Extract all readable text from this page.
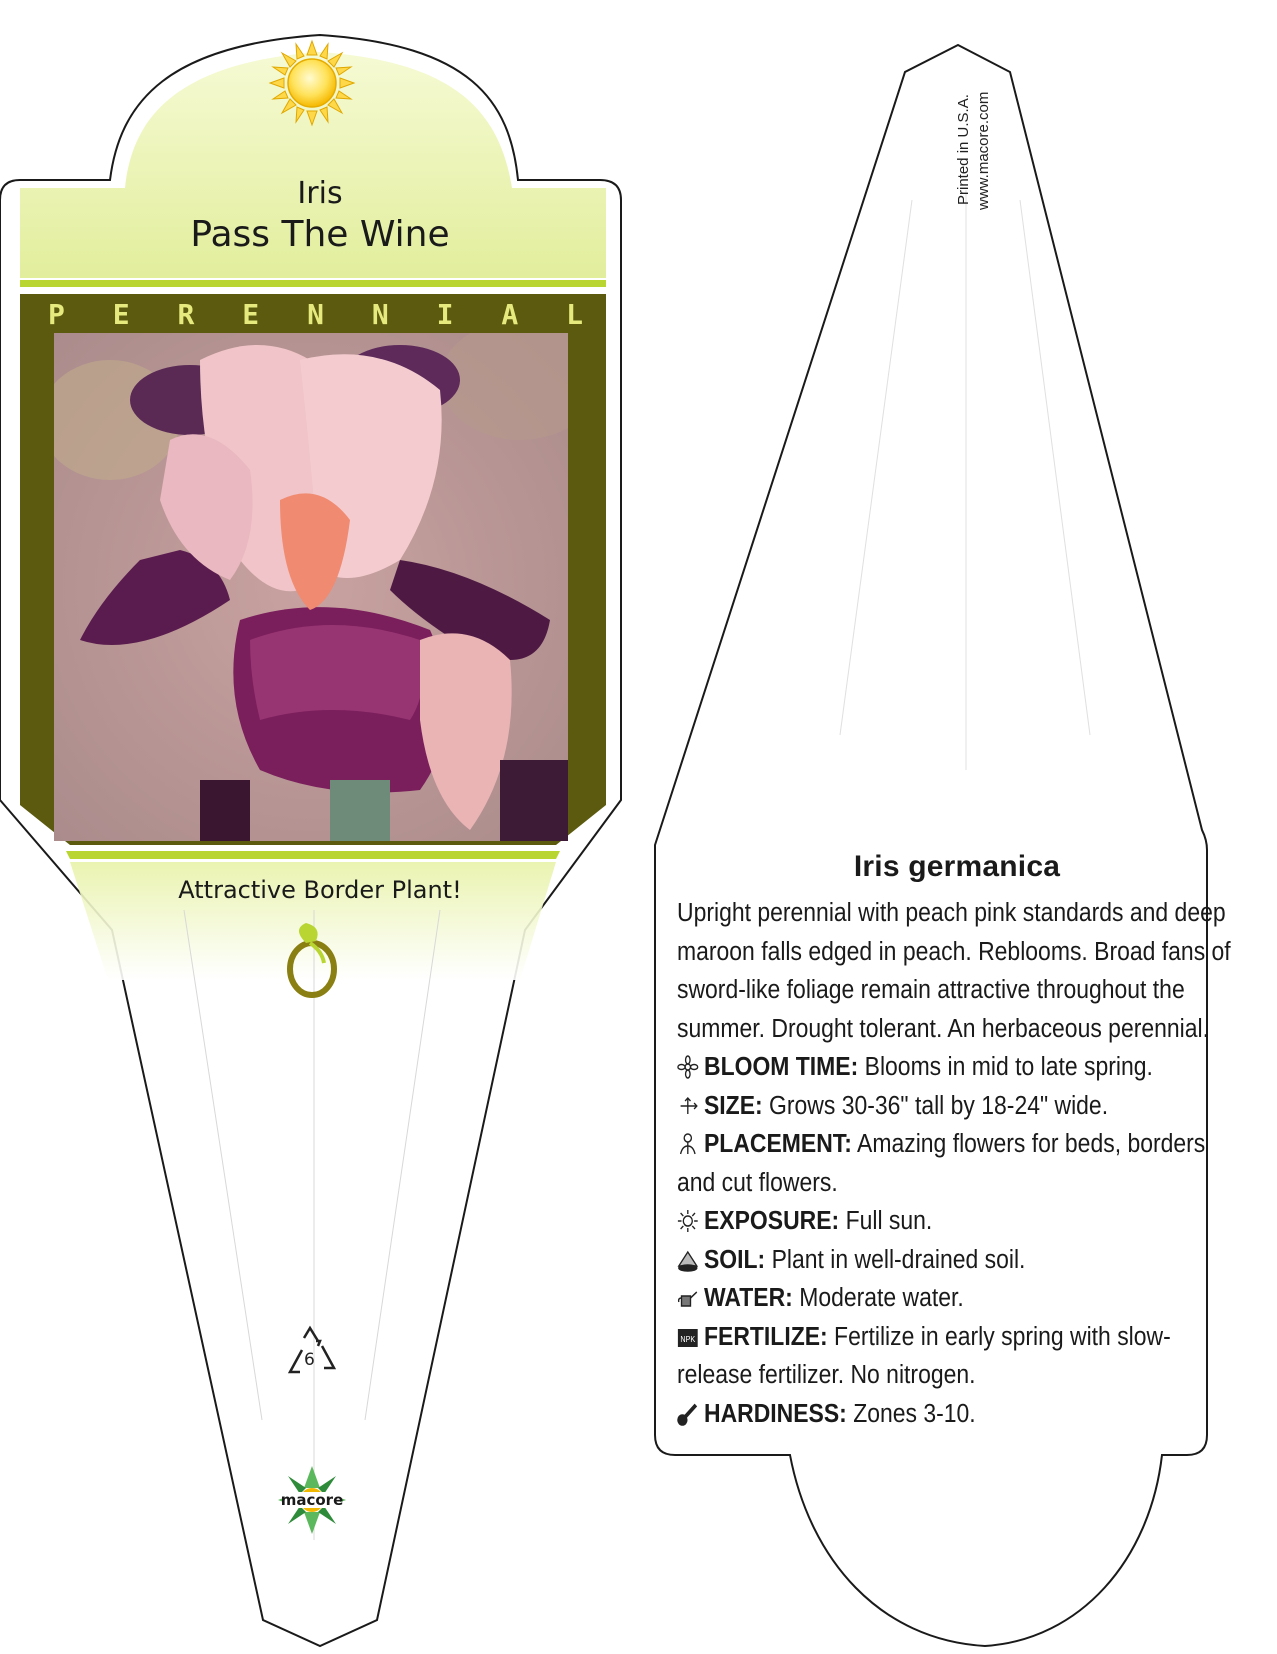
Iris
Pass The Wine
P E R E N N I A L
Attractive Border Plant!
6
macore
Printed in U.S.A. www.macore.com
Iris germanica
Upright perennial with peach pink standards and deep maroon falls edged in peach. Reblooms. Broad fans of sword-like foliage remain attractive throughout the summer. Drought tolerant. An herbaceous perennial.
BLOOM TIME: Blooms in mid to late spring.
SIZE: Grows 30-36" tall by 18-24" wide.
PLACEMENT: Amazing flowers for beds, borders and cut flowers.
EXPOSURE: Full sun.
SOIL: Plant in well-drained soil.
WATER: Moderate water.
NPK FERTILIZE: Fertilize in early spring with slow-release fertilizer. No nitrogen.
HARDINESS: Zones 3-10.
